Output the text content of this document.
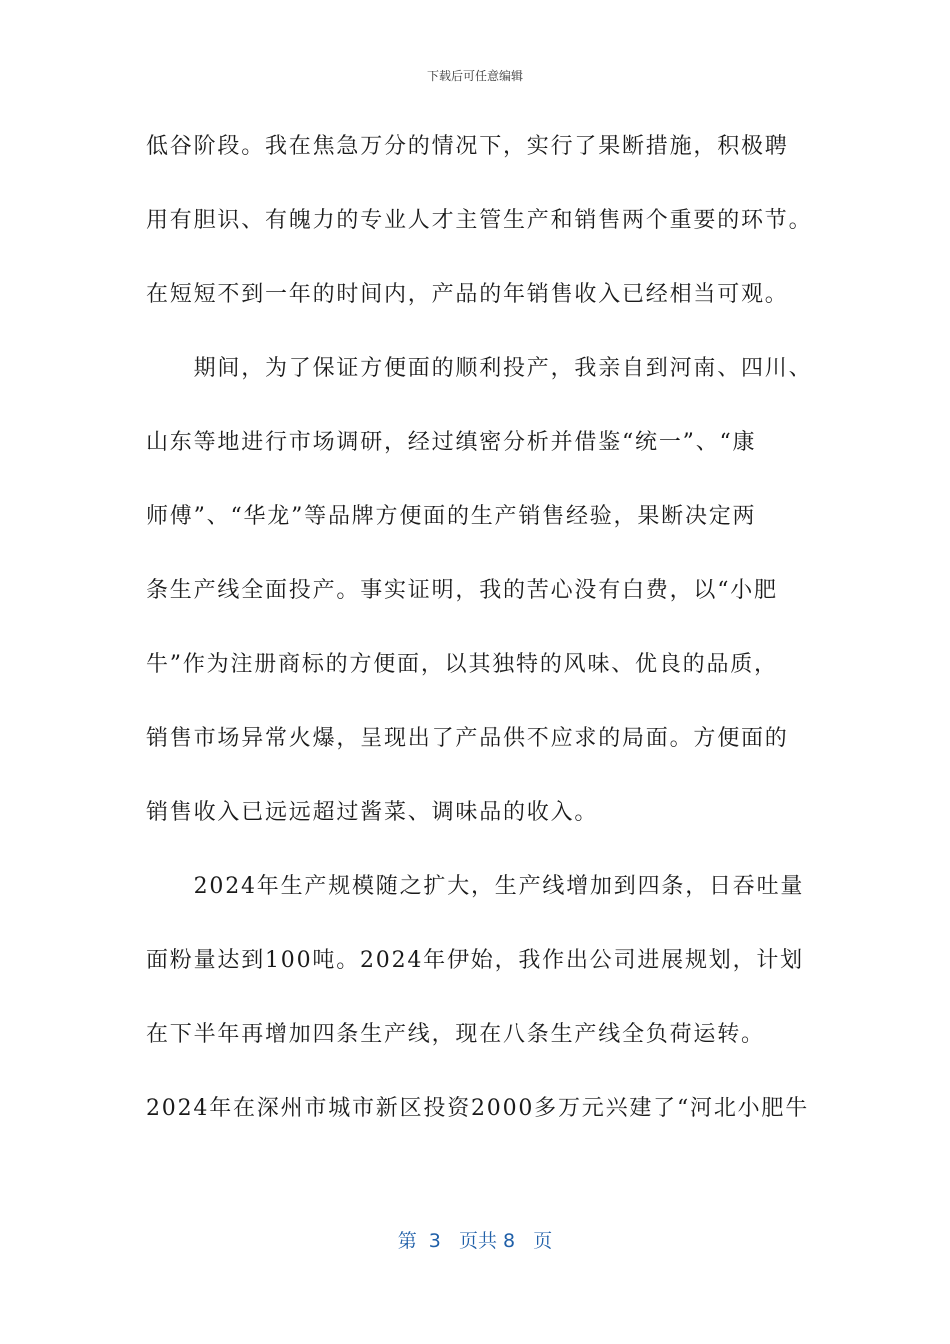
下载后可任意编辑
低谷阶段。我在焦急万分的情况下，实行了果断措施，积极聘
用有胆识、有魄力的专业人才主管生产和销售两个重要的环节。
在短短不到一年的时间内，产品的年销售收入已经相当可观。
　　期间，为了保证方便面的顺利投产，我亲自到河南、四川、
山东等地进行市场调研，经过缜密分析并借鉴“统一”、“康
师傅”、“华龙”等品牌方便面的生产销售经验，果断决定两
条生产线全面投产。事实证明，我的苦心没有白费，以“小肥
牛”作为注册商标的方便面，以其独特的风味、优良的品质，
销售市场异常火爆，呈现出了产品供不应求的局面。方便面的
销售收入已远远超过酱菜、调味品的收入。
　　2024年生产规模随之扩大，生产线增加到四条，日吞吐量
面粉量达到100吨。2024年伊始，我作出公司进展规划，计划
在下半年再增加四条生产线，现在八条生产线全负荷运转。
2024年在深州市城市新区投资2000多万元兴建了“河北小肥牛
第  3   页共 8   页
